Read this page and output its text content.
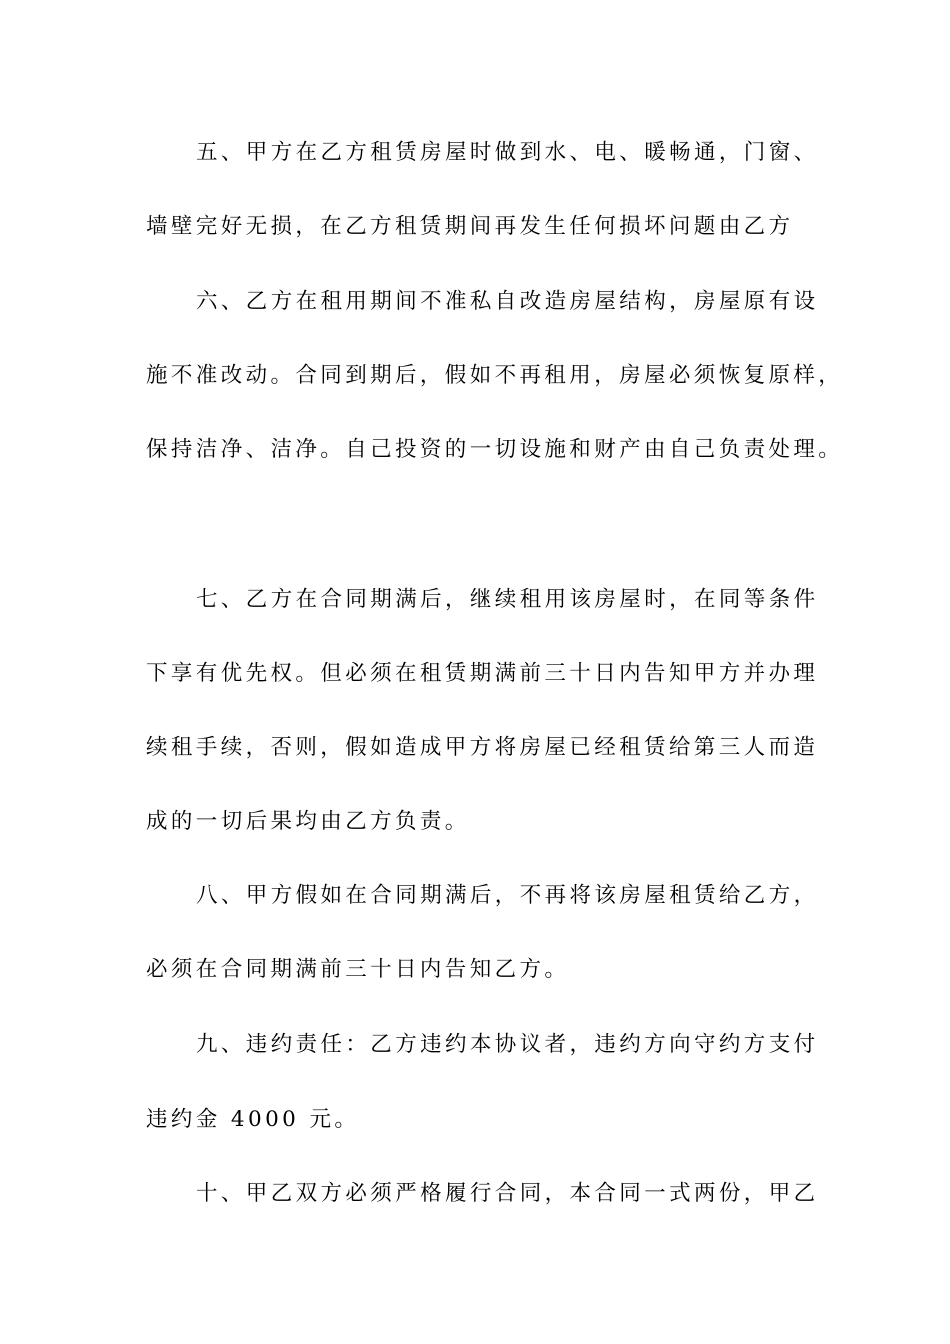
五、甲方在乙方租赁房屋时做到水、电、暖畅通，门窗、
墙壁完好无损，在乙方租赁期间再发生任何损坏问题由乙方
六、乙方在租用期间不准私自改造房屋结构，房屋原有设
施不准改动。合同到期后，假如不再租用，房屋必须恢复原样，
保持洁净、洁净。自己投资的一切设施和财产由自己负责处理。
七、乙方在合同期满后，继续租用该房屋时，在同等条件
下享有优先权。但必须在租赁期满前三十日内告知甲方并办理
续租手续，否则，假如造成甲方将房屋已经租赁给第三人而造
成的一切后果均由乙方负责。
八、甲方假如在合同期满后，不再将该房屋租赁给乙方，
必须在合同期满前三十日内告知乙方。
九、违约责任：乙方违约本协议者，违约方向守约方支付
违约金 4000 元。
十、甲乙双方必须严格履行合同，本合同一式两份，甲乙
